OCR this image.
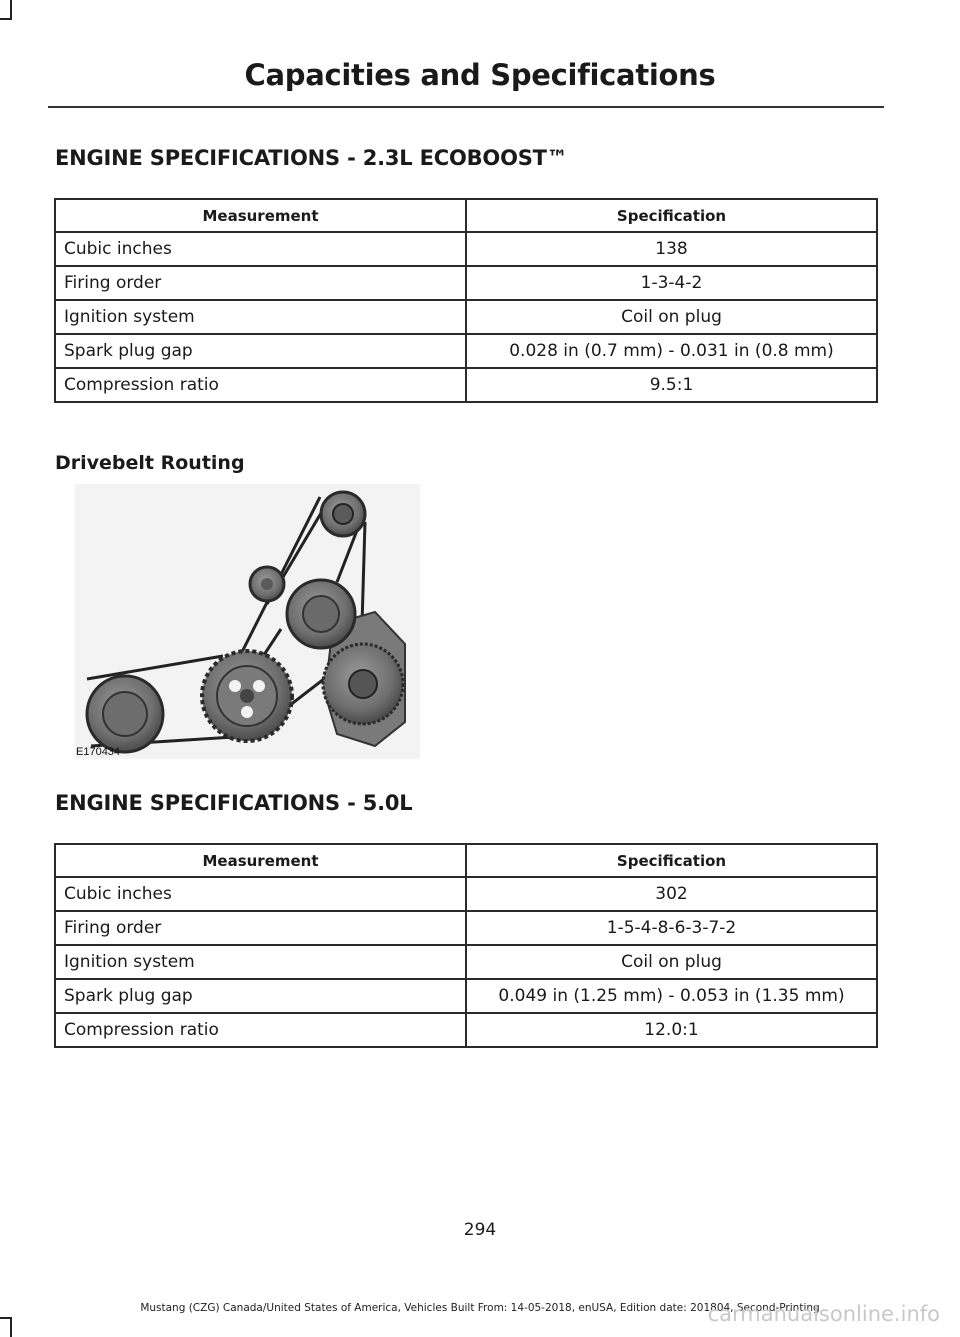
Capacities and Specifications
ENGINE SPECIFICATIONS - 2.3L ECOBOOST™
Measurement	Specification
Cubic inches	138
Firing order	1-3-4-2
Ignition system	Coil on plug
Spark plug gap	0.028 in (0.7 mm) - 0.031 in (0.8 mm)
Compression ratio	9.5:1
Drivebelt Routing
E170434
ENGINE SPECIFICATIONS - 5.0L
Measurement	Specification
Cubic inches	302
Firing order	1-5-4-8-6-3-7-2
Ignition system	Coil on plug
Spark plug gap	0.049 in (1.25 mm) - 0.053 in (1.35 mm)
Compression ratio	12.0:1
294
Mustang (CZG) Canada/United States of America, Vehicles Built From: 14-05-2018, enUSA, Edition date: 201804, Second-Printing
carmanualsonline.info
